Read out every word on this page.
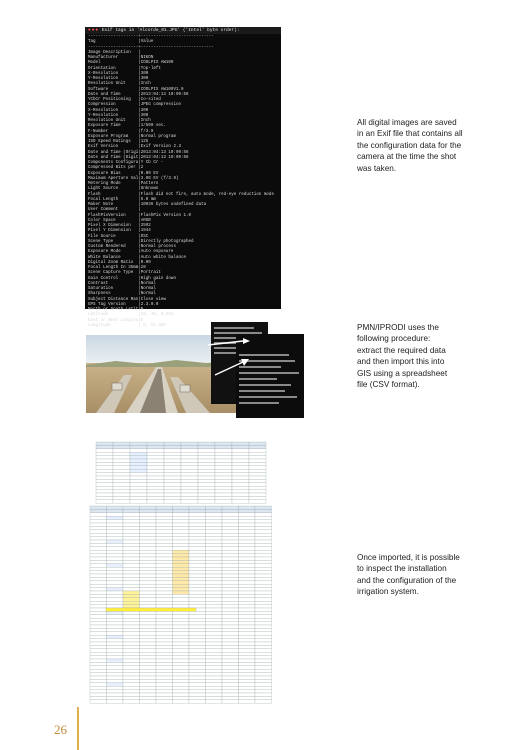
●●● Exif tags in 'Alcorde_01.JPG' ('Intel' byte order):
--------------------+-----------------------------
Tag                 |Value
--------------------+-----------------------------
Image Description   |
Manufacturer        |NIKON
Model               |COOLPIX AW100
Orientation         |Top-left
X-Resolution        |300
Y-Resolution        |300
Resolution Unit     |Inch
Software            |COOLPIX AW100V1.0
Date and Time       |2013:04:13 10:09:56
YCbCr Positioning   |Co-sited
Compression         |JPEG compression
X-Resolution        |300
Y-Resolution        |300
Resolution Unit     |Inch
Exposure Time       |1/500 sec.
F-Number            |f/3.9
Exposure Program    |Normal program
ISO Speed Ratings   |125
Exif Version        |Exif Version 2.3
Date and Time (Origi|2013:04:13 10:09:56
Date and Time (Digit|2013:04:13 10:09:56
Components Configura|Y Cb Cr -
Compressed Bits per |2
Exposure Bias       |0.00 EV
Maximum Aperture Val|3.90 EV (f/3.9)
Metering Mode       |Pattern
Light Source        |Unknown
Flash               |Flash did not fire, auto mode, red-eye reduction mode
Focal Length        |5.0 mm
Maker Note          |10036 bytes undefined data
User Comment        |
FlashPixVersion     |FlashPix Version 1.0
Color Space         |sRGB
Pixel X Dimension   |2592
Pixel Y Dimension   |1944
File Source         |DSC
Scene Type          |Directly photographed
Custom Rendered     |Normal process
Exposure Mode       |Auto exposure
White Balance       |Auto white balance
Digital Zoom Ratio  |0.00
Focal Length In 35mm|28
Scene Capture Type  |Portrait
Gain Control        |High gain down
Contrast            |Normal
Saturation          |Normal
Sharpness           |Normal
Subject Distance Ran|Close view
GPS Tag Version     |2.3.0.0
North or South Latit|N
Latitude            |33, 40, 0.553
East or West Longitu|E
Longitude           | 6, 51.356
All digital images are saved in an Exif file that contains all the configuration data for the camera at the time the shot was taken.
PMN/IPRODI uses the following procedure: extract the required data and then import this into GIS using a spreadsheet file (CSV format).
Once imported, it is possible to inspect the installation and the configuration of the irrigation system.
26
